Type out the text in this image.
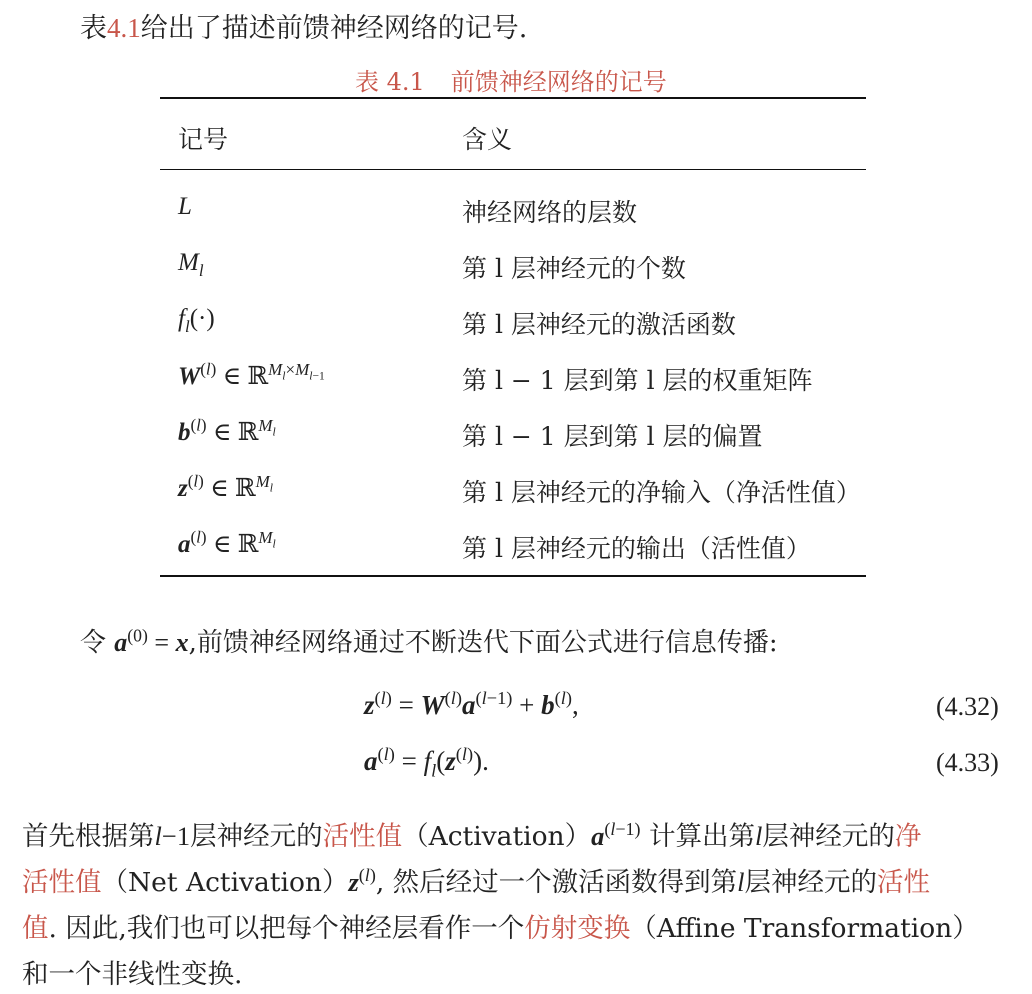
表4.1给出了描述前馈神经网络的记号.
表 4.1 前馈神经网络的记号
记号	含义
L	神经网络的层数
$M_l$	第 l 层神经元的个数
$f_l(\cdot)$	第 l 层神经元的激活函数
$W^{(l)}$ ∈ ℝ$^{M_l\times M_{l-1}}$	第 l − 1 层到第 l 层的权重矩阵
$b^{(l)}$ ∈ ℝ$^{M_l}$	第 l − 1 层到第 l 层的偏置
$z^{(l)}$ ∈ ℝ$^{M_l}$	第 l 层神经元的净输入（净活性值）
$a^{(l)}$ ∈ ℝ$^{M_l}$	第 l 层神经元的输出（活性值）
令 $a^{(0)} = x$,前馈神经网络通过不断迭代下面公式进行信息传播:
$z^{(l)} = W^{(l)}a^{(l-1)} + b^{(l)}$,	(4.32)
$a^{(l)} = f_l(z^{(l)})$.	(4.33)
首先根据第l−1层神经元的活性值$(Activation)a^{(l-1)}$ 计算出第l层神经元的净
活性值（Net $Activation)z^{(l)}$, 然后经过一个激活函数得到第l层神经元的活性
值. 因此,我们也可以把每个神经层看作一个仿射变换（Affine Transformation）
和一个非线性变换.
